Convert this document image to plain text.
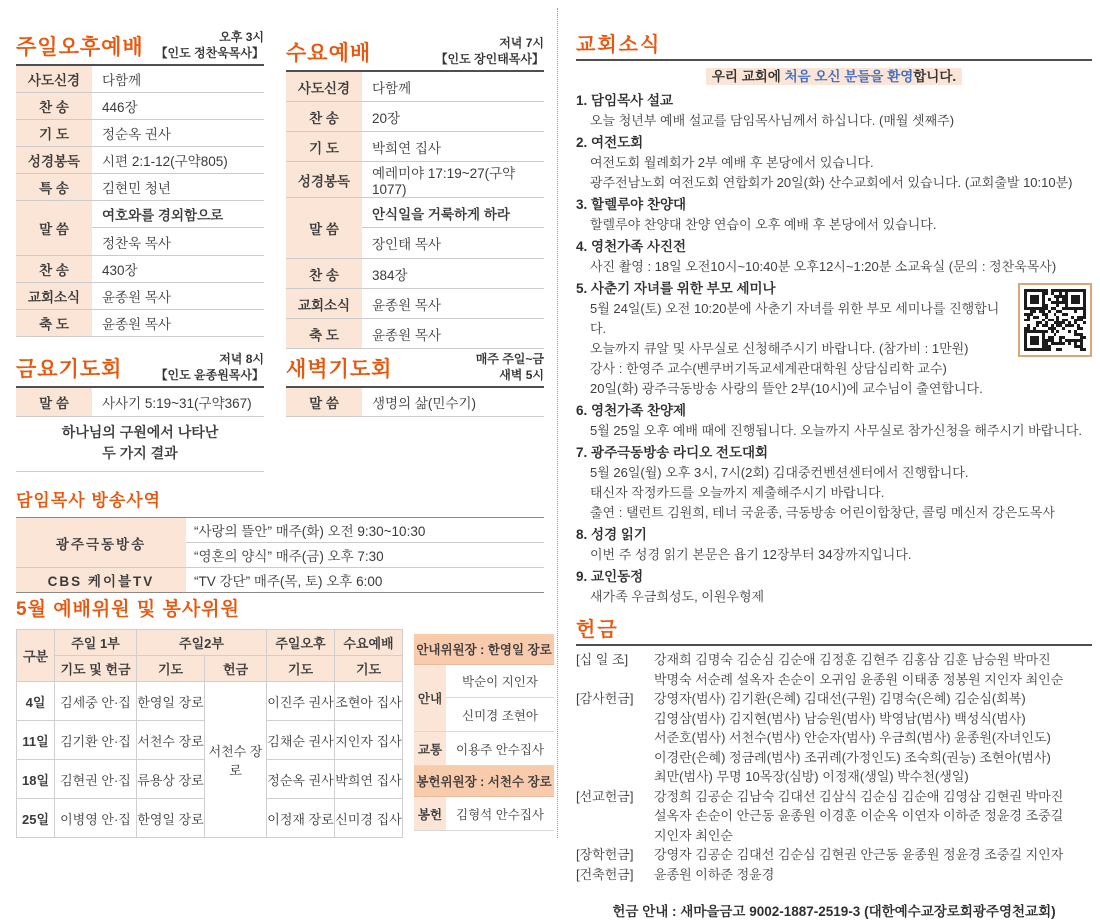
주일오후예배	오후 3시
【인도 정찬욱목사】
사도신경	다함께
찬 송	446장
기 도	정순옥 권사
성경봉독	시편 2:1-12(구약805)
특 송	김현민 청년
말 씀
여호와를 경외함으로
정찬욱 목사
찬 송	430장
교회소식	윤종원 목사
축 도	윤종원 목사
수요예배	저녁 7시
【인도 장인태목사】
사도신경	다함께
찬 송	20장
기 도	박희연 집사
성경봉독	예레미야 17:19~27(구약1077)
말 씀
안식일을 거룩하게 하라
장인태 목사
찬 송	384장
교회소식	윤종원 목사
축 도	윤종원 목사
금요기도회	저녁 8시
【인도 윤종원목사】
말 씀	사사기 5:19~31(구약367)
하나님의 구원에서 나타난
두 가지 결과
새벽기도회	매주 주일~금
새벽 5시
말 씀	생명의 삶(민수기)
담임목사 방송사역
광주극동방송	“사랑의 뜰안” 매주(화) 오전 9:30~10:30
	“영혼의 양식” 매주(금) 오후 7:30
CBS 케이블TV	“TV 강단” 매주(목, 토) 오후 6:00
5월 예배위원 및 봉사위원
구분	주일 1부	주일2부		주일오후	수요예배
	기도 및 헌금	기도	헌금	기도	기도
4일	김세중 안·집	한영일 장로	서천수 장로	이진주 권사	조현아 집사
11일	김기환 안·집	서천수 장로		김채순 권사	지인자 집사
18일	김현권 안·집	류용상 장로		정순옥 권사	박희연 집사
25일	이병영 안·집	한영일 장로		이정재 장로	신미경 집사
안내위원장 : 한영일 장로
안내
박순이 지인자
신미경 조현아
교통	이용주 안수집사
봉헌위원장 : 서천수 장로
봉헌	김형석 안수집사
교회소식
우리 교회에 처음 오신 분들을 환영합니다.
1. 담임목사 설교
오늘 청년부 예배 설교를 담임목사님께서 하십니다. (매월 셋째주)
2. 여전도회
여전도회 월례회가 2부 예배 후 본당에서 있습니다.
광주전남노회 여전도회 연합회가 20일(화) 산수교회에서 있습니다. (교회출발 10:10분)
3. 할렐루야 찬양대
할렐루야 찬양대 찬양 연습이 오후 예배 후 본당에서 있습니다.
4. 영천가족 사진전
사진 촬영 : 18일 오전10시~10:40분 오후12시~1:20분 소교육실 (문의 : 정찬욱목사)
5. 사춘기 자녀를 위한 부모 세미나
5월 24일(토) 오전 10:20분에 사춘기 자녀를 위한 부모 세미나를 진행합니다.
오늘까지 큐알 및 사무실로 신청해주시기 바랍니다. (참가비 : 1만원)
강사 : 한영주 교수(벤쿠버기독교세계관대학원 상담심리학 교수)
20일(화) 광주극동방송 사랑의 뜰안 2부(10시)에 교수님이 출연합니다.
6. 영천가족 찬양제
5월 25일 오후 예배 때에 진행됩니다. 오늘까지 사무실로 참가신청을 해주시기 바랍니다.
7. 광주극동방송 라디오 전도대회
5월 26일(월) 오후 3시, 7시(2회) 김대중컨벤션센터에서 진행합니다.
태신자 작정카드를 오늘까지 제출해주시기 바랍니다.
출연 : 탤런트 김원희, 테너 국윤종, 극동방송 어린이합창단, 콜링 메신저 강은도목사
8. 성경 읽기
이번 주 성경 읽기 본문은 욥기 12장부터 34장까지입니다.
9. 교인동정
새가족 우금희성도, 이원우형제
헌금
[십 일 조]	강재희 김명숙 김순심 김순애 김정훈 김현주 김홍삼 김훈 남승원 박마진
박명숙 서순례 설옥자 손순이 오귀임 윤종원 이태종 정봉원 지인자 최인순
[감사헌금]	강영자(범사) 김기환(은혜) 김대선(구원) 김명숙(은혜) 김순심(회복)
김영삼(범사) 김지현(범사) 남승원(범사) 박영남(범사) 백성식(범사)
서준호(범사) 서천수(범사) 안순자(범사) 우금희(범사) 윤종원(자녀인도)
이경란(은혜) 정금례(범사) 조귀례(가정인도) 조숙희(권능) 조현아(범사)
최만(범사) 무명 10목장(심방) 이정재(생일) 박수천(생일)
[선교헌금]	강정희 김공순 김남숙 김대선 김삼식 김순심 김순애 김영삼 김현권 박마진
설옥자 손순이 안근동 윤종원 이경훈 이순옥 이연자 이하준 정윤경 조중길
지인자 최인순
[장학헌금]	강영자 김공순 김대선 김순심 김현권 안근동 윤종원 정윤경 조중길 지인자
[건축헌금]	윤종원 이하준 정윤경
헌금 안내 : 새마을금고 9002-1887-2519-3 (대한예수교장로회광주영천교회)
